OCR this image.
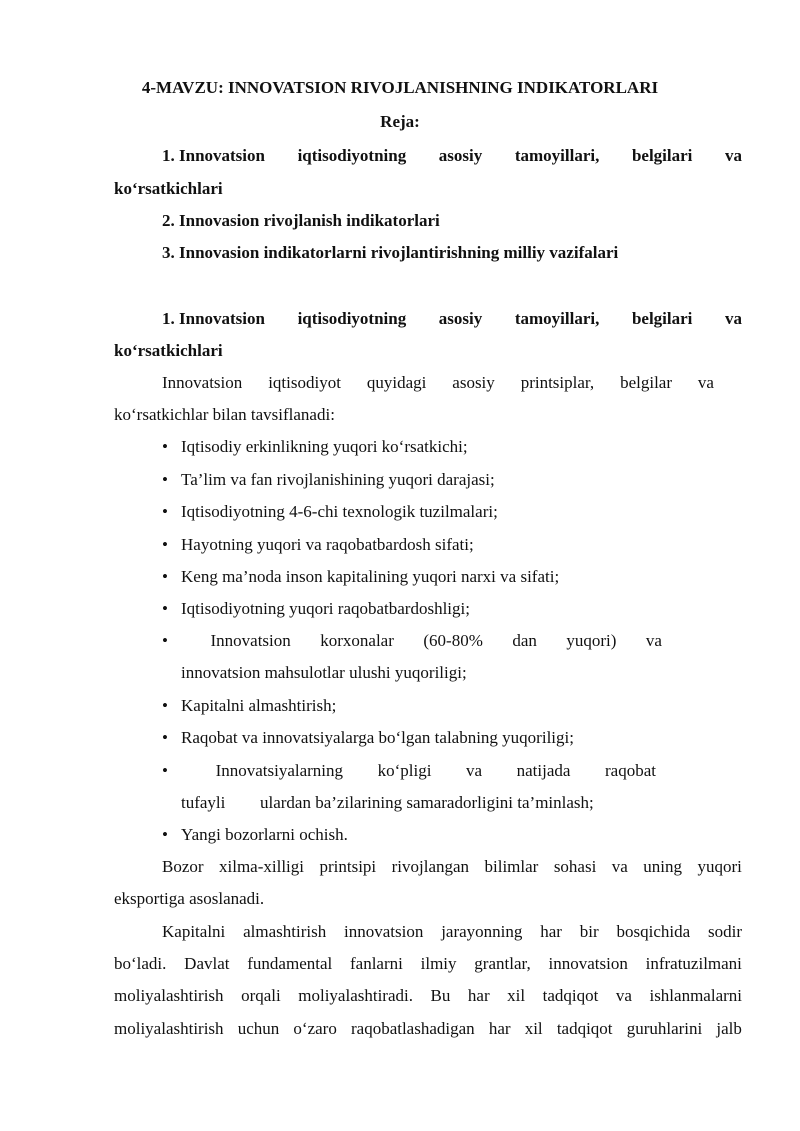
4-MAVZU: INNOVATSION RIVOJLANISHNING INDIKATORLARI
Reja:
1. Innovatsion iqtisodiyotning asosiy tamoyillari, belgilari va
ko‘rsatkichlari
2. Innovasion rivojlanish indikatorlari
3. Innovasion indikatorlarni rivojlantirishning milliy vazifalari
1. Innovatsion iqtisodiyotning asosiy tamoyillari, belgilari va
ko‘rsatkichlari
Innovatsion iqtisodiyot quyidagi asosiy printsiplar, belgilar va
ko‘rsatkichlar bilan tavsiflanadi:
• Iqtisodiy erkinlikning yuqori ko‘rsatkichi;
• Ta’lim va fan rivojlanishining yuqori darajasi;
• Iqtisodiyotning 4-6-chi texnologik tuzilmalari;
• Hayotning yuqori va raqobatbardosh sifati;
• Keng ma’noda inson kapitalining yuqori narxi va sifati;
• Iqtisodiyotning yuqori raqobatbardoshligi;
•	Innovatsion korxonalar (60-80% dan yuqori) va
innovatsion mahsulotlar ulushi yuqoriligi;
• Kapitalni almashtirish;
• Raqobat va innovatsiyalarga bo‘lgan talabning yuqoriligi;
•	Innovatsiyalarning ko‘pligi va natijada raqobat
tufayli ulardan ba’zilarining samaradorligini ta’minlash;
• Yangi bozorlarni ochish.
Bozor xilma-xilligi printsipi rivojlangan bilimlar sohasi va uning yuqori
eksportiga asoslanadi.
Kapitalni almashtirish innovatsion jarayonning har bir bosqichida sodir
bo‘ladi. Davlat fundamental fanlarni ilmiy grantlar, innovatsion infratuzilmani
moliyalashtirish orqali moliyalashtiradi. Bu har xil tadqiqot va ishlanmalarni
moliyalashtirish uchun o‘zaro raqobatlashadigan har xil tadqiqot guruhlarini jalb
